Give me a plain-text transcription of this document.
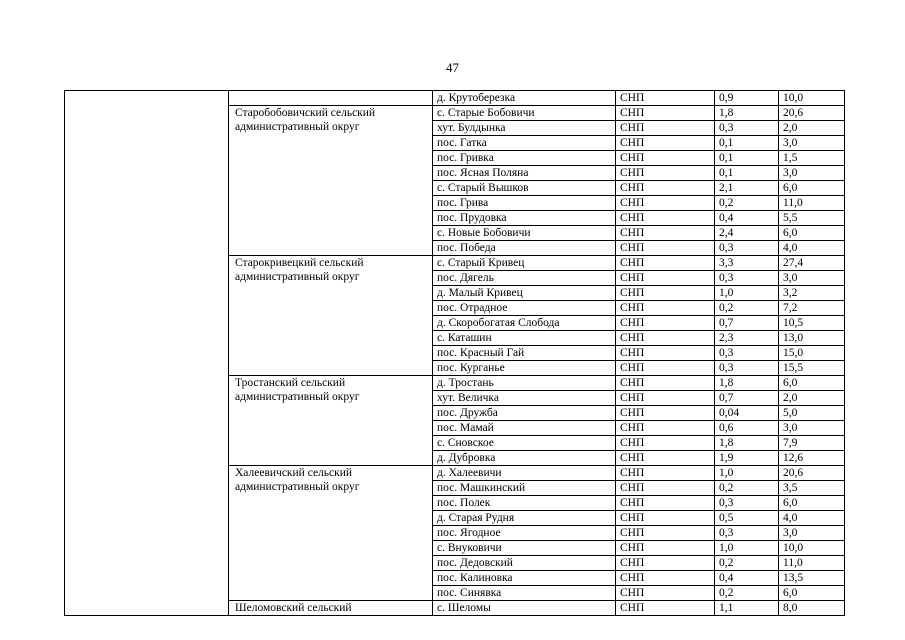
47
		д. Крутоберезка	СНП	0,9	10,0
	Старобобовичский сельский административный округ	с. Старые Бобовичи	СНП	1,8	20,6
		хут. Булдынка	СНП	0,3	2,0
		пос. Гатка	СНП	0,1	3,0
		пос. Гривка	СНП	0,1	1,5
		пос. Ясная Поляна	СНП	0,1	3,0
		с. Старый Вышков	СНП	2,1	6,0
		пос. Грива	СНП	0,2	11,0
		пос. Прудовка	СНП	0,4	5,5
		с. Новые Бобовичи	СНП	2,4	6,0
		пос. Победа	СНП	0,3	4,0
	Старокривецкий сельский административный округ	с. Старый Кривец	СНП	3,3	27,4
		пос. Дягель	СНП	0,3	3,0
		д. Малый Кривец	СНП	1,0	3,2
		пос. Отрадное	СНП	0,2	7,2
		д. Скоробогатая Слобода	СНП	0,7	10,5
		с. Каташин	СНП	2,3	13,0
		пос. Красный Гай	СНП	0,3	15,0
		пос. Курганье	СНП	0,3	15,5
	Тростанский сельский административный округ	д. Тростань	СНП	1,8	6,0
		хут. Величка	СНП	0,7	2,0
		пос. Дружба	СНП	0,04	5,0
		пос. Мамай	СНП	0,6	3,0
		с. Сновское	СНП	1,8	7,9
		д. Дубровка	СНП	1,9	12,6
	Халеевичский сельский административный округ	д. Халеевичи	СНП	1,0	20,6
		пос. Машкинский	СНП	0,2	3,5
		пос. Полек	СНП	0,3	6,0
		д. Старая Рудня	СНП	0,5	4,0
		пос. Ягодное	СНП	0,3	3,0
		с. Внуковичи	СНП	1,0	10,0
		пос. Дедовский	СНП	0,2	11,0
		пос. Калиновка	СНП	0,4	13,5
		пос. Синявка	СНП	0,2	6,0
	Шеломовский сельский	с. Шеломы	СНП	1,1	8,0
